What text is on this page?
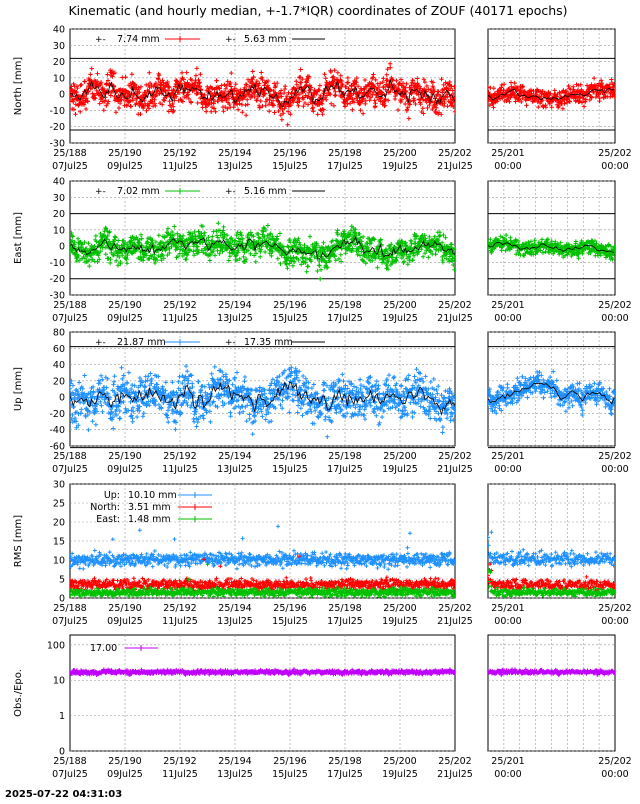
Kinematic (and hourly median, +-1.7*IQR) coordinates of ZOUF (40171 epochs)
-30
-20
-10
0
10
20
30
40
North [mm]
25/188
07Jul25
25/190
09Jul25
25/192
11Jul25
25/194
13Jul25
25/196
15Jul25
25/198
17Jul25
25/200
19Jul25
25/202
21Jul25
25/201
00:00
25/202
00:00
+- 7.74 mm	+- 5.63 mm
-30
-20
-10
0
10
20
30
40
East [mm]
25/188
07Jul25
25/190
09Jul25
25/192
11Jul25
25/194
13Jul25
25/196
15Jul25
25/198
17Jul25
25/200
19Jul25
25/202
21Jul25
25/201
00:00
25/202
00:00
+- 7.02 mm	+- 5.16 mm
-60
-40
-20
0
20
40
60
80
Up [mm]
25/188
07Jul25
25/190
09Jul25
25/192
11Jul25
25/194
13Jul25
25/196
15Jul25
25/198
17Jul25
25/200
19Jul25
25/202
21Jul25
25/201
00:00
25/202
00:00
+- 21.87 mm	+- 17.35 mm
0
5
10
15
20
25
30
RMS [mm]
25/188
07Jul25
25/190
09Jul25
25/192
11Jul25
25/194
13Jul25
25/196
15Jul25
25/198
17Jul25
25/200
19Jul25
25/202
21Jul25
25/201
00:00
25/202
00:00
Up: 10.10 mm
North: 3.51 mm
East: 1.48 mm
0
1
10
100
Obs./Epo.
25/188
07Jul25
25/190
09Jul25
25/192
11Jul25
25/194
13Jul25
25/196
15Jul25
25/198
17Jul25
25/200
19Jul25
25/202
21Jul25
25/201
00:00
25/202
00:00
17.00
2025-07-22 04:31:03
